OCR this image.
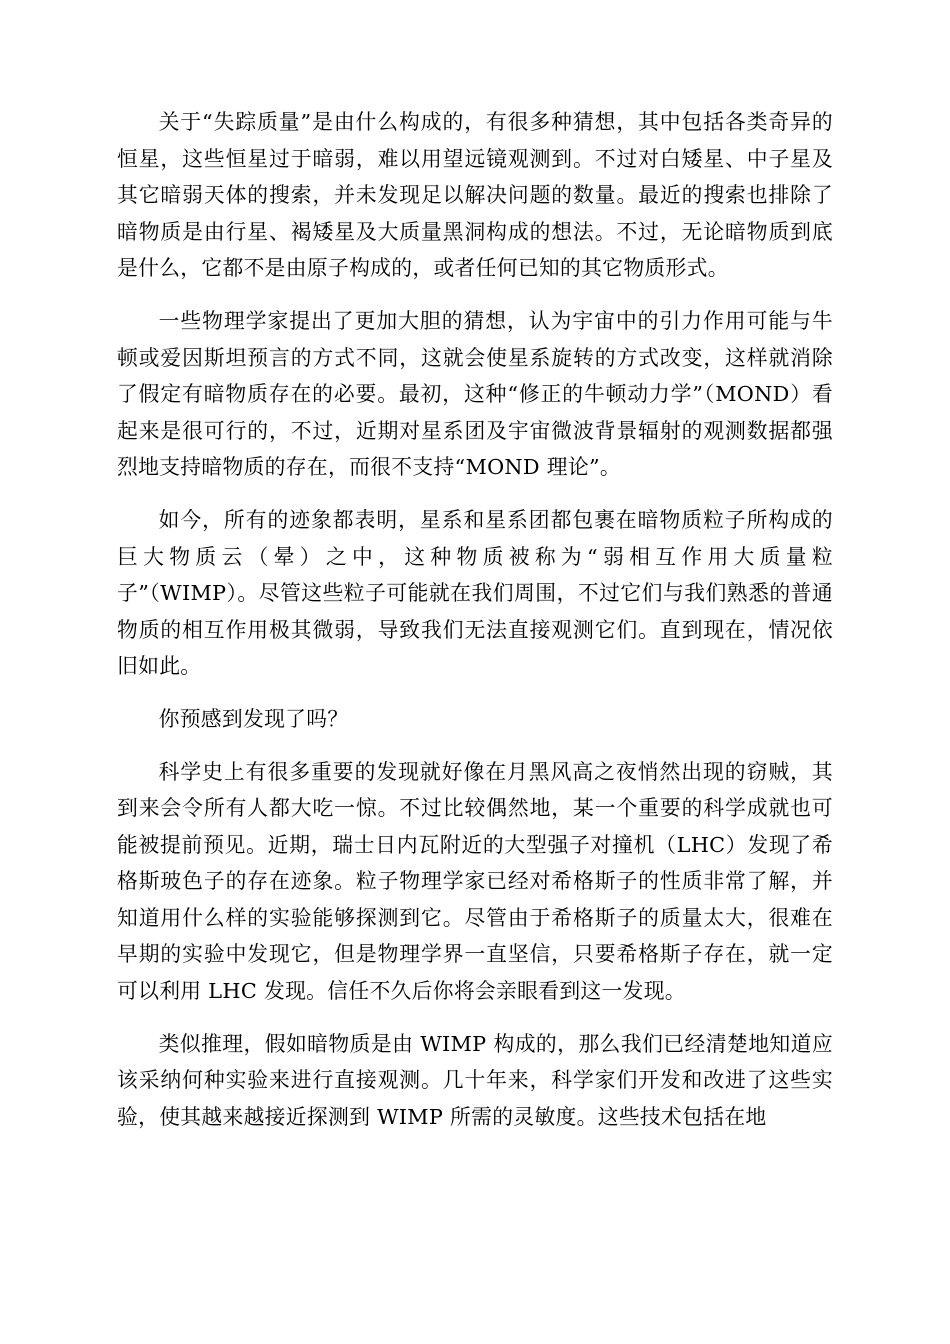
关于“失踪质量”是由什么构成的，有很多种猜想，其中包括各类奇异的恒星，这些恒星过于暗弱，难以用望远镜观测到。不过对白矮星、中子星及其它暗弱天体的搜索，并未发现足以解决问题的数量。最近的搜索也排除了暗物质是由行星、褐矮星及大质量黑洞构成的想法。不过，无论暗物质到底是什么，它都不是由原子构成的，或者任何已知的其它物质形式。

一些物理学家提出了更加大胆的猜想，认为宇宙中的引力作用可能与牛顿或爱因斯坦预言的方式不同，这就会使星系旋转的方式改变，这样就消除了假定有暗物质存在的必要。最初，这种“修正的牛顿动力学”（MOND）看起来是很可行的，不过，近期对星系团及宇宙微波背景辐射的观测数据都强烈地支持暗物质的存在，而很不支持“MOND 理论”。

如今，所有的迹象都表明，星系和星系团都包裹在暗物质粒子所构成的巨大物质云（晕）之中，这种物质被称为“弱相互作用大质量粒子”（WIMP）。尽管这些粒子可能就在我们周围，不过它们与我们熟悉的普通物质的相互作用极其微弱，导致我们无法直接观测它们。直到现在，情况依旧如此。

你预感到发现了吗？

科学史上有很多重要的发现就好像在月黑风高之夜悄然出现的窃贼，其到来会令所有人都大吃一惊。不过比较偶然地，某一个重要的科学成就也可能被提前预见。近期，瑞士日内瓦附近的大型强子对撞机（LHC）发现了希格斯玻色子的存在迹象。粒子物理学家已经对希格斯子的性质非常了解，并知道用什么样的实验能够探测到它。尽管由于希格斯子的质量太大，很难在早期的实验中发现它，但是物理学界一直坚信，只要希格斯子存在，就一定可以利用 LHC 发现。信任不久后你将会亲眼看到这一发现。

类似推理，假如暗物质是由 WIMP 构成的，那么我们已经清楚地知道应该采纳何种实验来进行直接观测。几十年来，科学家们开发和改进了这些实验，使其越来越接近探测到 WIMP 所需的灵敏度。这些技术包括在地
